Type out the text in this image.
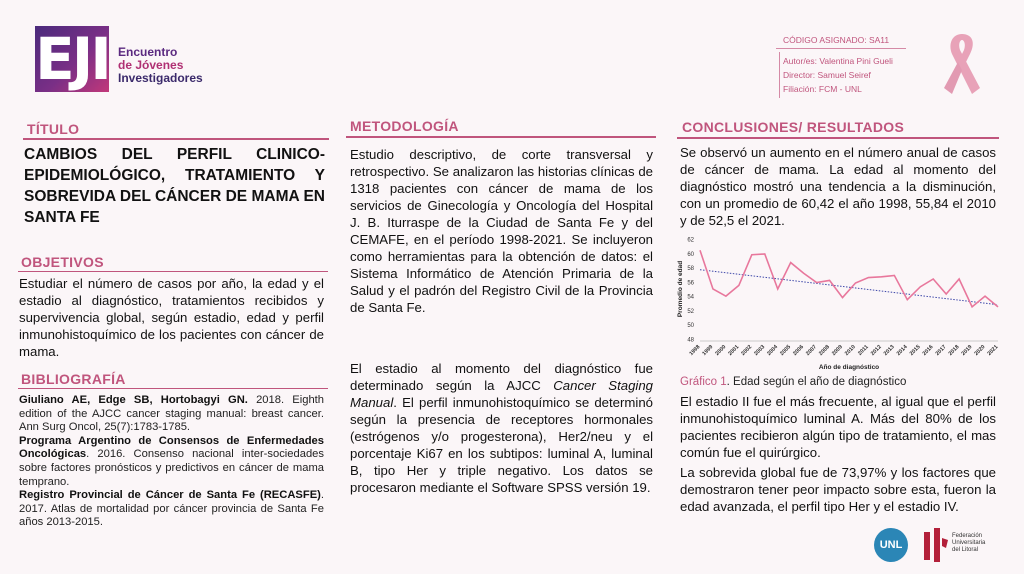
EJI Encuentro
de Jóvenes
Investigadores
CÓDIGO ASIGNADO: SA11
Autor/es: Valentina Pini Gueli
Director: Samuel Seiref
Filiación: FCM - UNL
TÍTULO
CAMBIOS DEL PERFIL CLINICO-EPIDEMIOLÓGICO, TRATAMIENTO Y SOBREVIDA DEL CÁNCER DE MAMA EN SANTA FE
OBJETIVOS
Estudiar el número de casos por año, la edad y el estadio al diagnóstico, tratamientos recibidos y supervivencia global, según estadio, edad y perfil inmunohistoquímico de los pacientes con cáncer de mama.
BIBLIOGRAFÍA
Giuliano AE, Edge SB, Hortobagyi GN. 2018. Eighth edition of the AJCC cancer staging manual: breast cancer. Ann Surg Oncol, 25(7):1783-1785.
Programa Argentino de Consensos de Enfermedades Oncológicas. 2016. Consenso nacional inter-sociedades sobre factores pronósticos y predictivos en cáncer de mama temprano.
Registro Provincial de Cáncer de Santa Fe (RECASFE). 2017. Atlas de mortalidad por cáncer provincia de Santa Fe años 2013-2015.
METODOLOGÍA
Estudio descriptivo, de corte transversal y retrospectivo. Se analizaron las historias clínicas de 1318 pacientes con cáncer de mama de los servicios de Ginecología y Oncología del Hospital J. B. Iturraspe de la Ciudad de Santa Fe y del CEMAFE, en el período 1998-2021. Se incluyeron como herramientas para la obtención de datos: el Sistema Informático de Atención Primaria de la Salud y el padrón del Registro Civil de la Provincia de Santa Fe.
El estadio al momento del diagnóstico fue determinado según la AJCC Cancer Staging Manual. El perfil inmunohistoquímico se determinó según la presencia de receptores hormonales (estrógenos y/o progesterona), Her2/neu y el porcentaje Ki67 en los subtipos: luminal A, luminal B, tipo Her y triple negativo. Los datos se procesaron mediante el Software SPSS versión 19.
CONCLUSIONES/ RESULTADOS
Se observó un aumento en el número anual de casos de cáncer de mama. La edad al momento del diagnóstico mostró una tendencia a la disminución, con un promedio de 60,42 el año 1998, 55,84 el 2010 y de 52,5 el 2021.
48
50
52
54
56
58
60
62
1998 1999 2000 2001 2002 2003 2004 2005 2006 2007 2008 2009 2010 2011 2012 2013 2014 2015 2016 2017 2018 2019 2020 2021
Año de diagnóstico
Promedio de edad
Gráfico 1. Edad según el año de diagnóstico
El estadio II fue el más frecuente, al igual que el perfil inmunohistoquímico luminal A. Más del 80% de los pacientes recibieron algún tipo de tratamiento, el mas común fue el quirúrgico.
La sobrevida global fue de 73,97% y los factores que demostraron tener peor impacto sobre esta, fueron la edad avanzada, el perfil tipo Her y el estadio IV.
UNL
Federación
Universitaria
del Litoral
